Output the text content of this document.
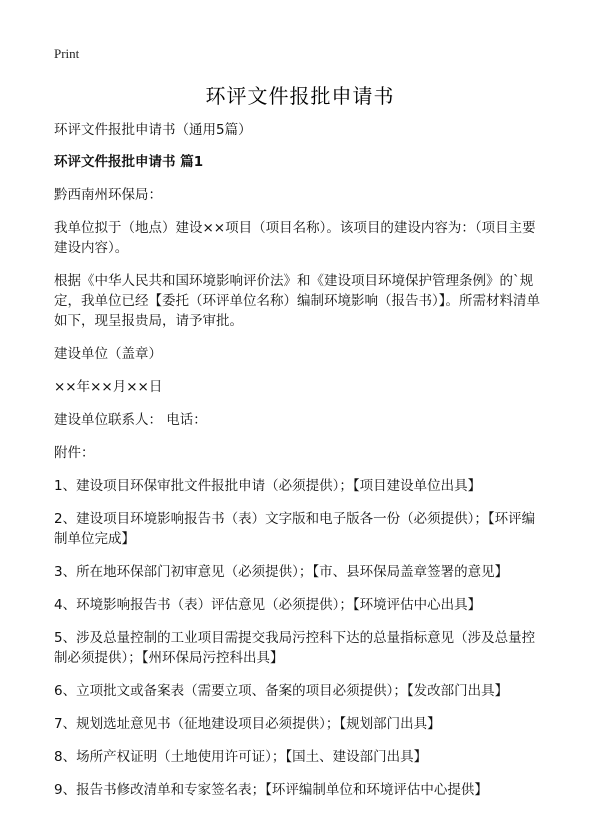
Print
环评文件报批申请书

环评文件报批申请书（通用5篇）

环评文件报批申请书 篇1

黔西南州环保局：

我单位拟于（地点）建设××项目（项目名称）。该项目的建设内容为：（项目主要建设内容）。

根据《中华人民共和国环境影响评价法》和《建设项目环境保护管理条例》的`规定，我单位已经【委托（环评单位名称）编制环境影响（报告书）】。所需材料清单如下，现呈报贵局，请予审批。

建设单位（盖章）

××年××月××日

建设单位联系人： 电话：

附件：

1、建设项目环保审批文件报批申请（必须提供）；【项目建设单位出具】

2、建设项目环境影响报告书（表）文字版和电子版各一份（必须提供）；【环评编制单位完成】

3、所在地环保部门初审意见（必须提供）；【市、县环保局盖章签署的意见】

4、环境影响报告书（表）评估意见（必须提供）；【环境评估中心出具】

5、涉及总量控制的工业项目需提交我局污控科下达的总量指标意见（涉及总量控制必须提供）；【州环保局污控科出具】

6、立项批文或备案表（需要立项、备案的项目必须提供）；【发改部门出具】

7、规划选址意见书（征地建设项目必须提供）；【规划部门出具】

8、场所产权证明（土地使用许可证）；【国土、建设部门出具】

9、报告书修改清单和专家签名表；【环评编制单位和环境评估中心提供】
